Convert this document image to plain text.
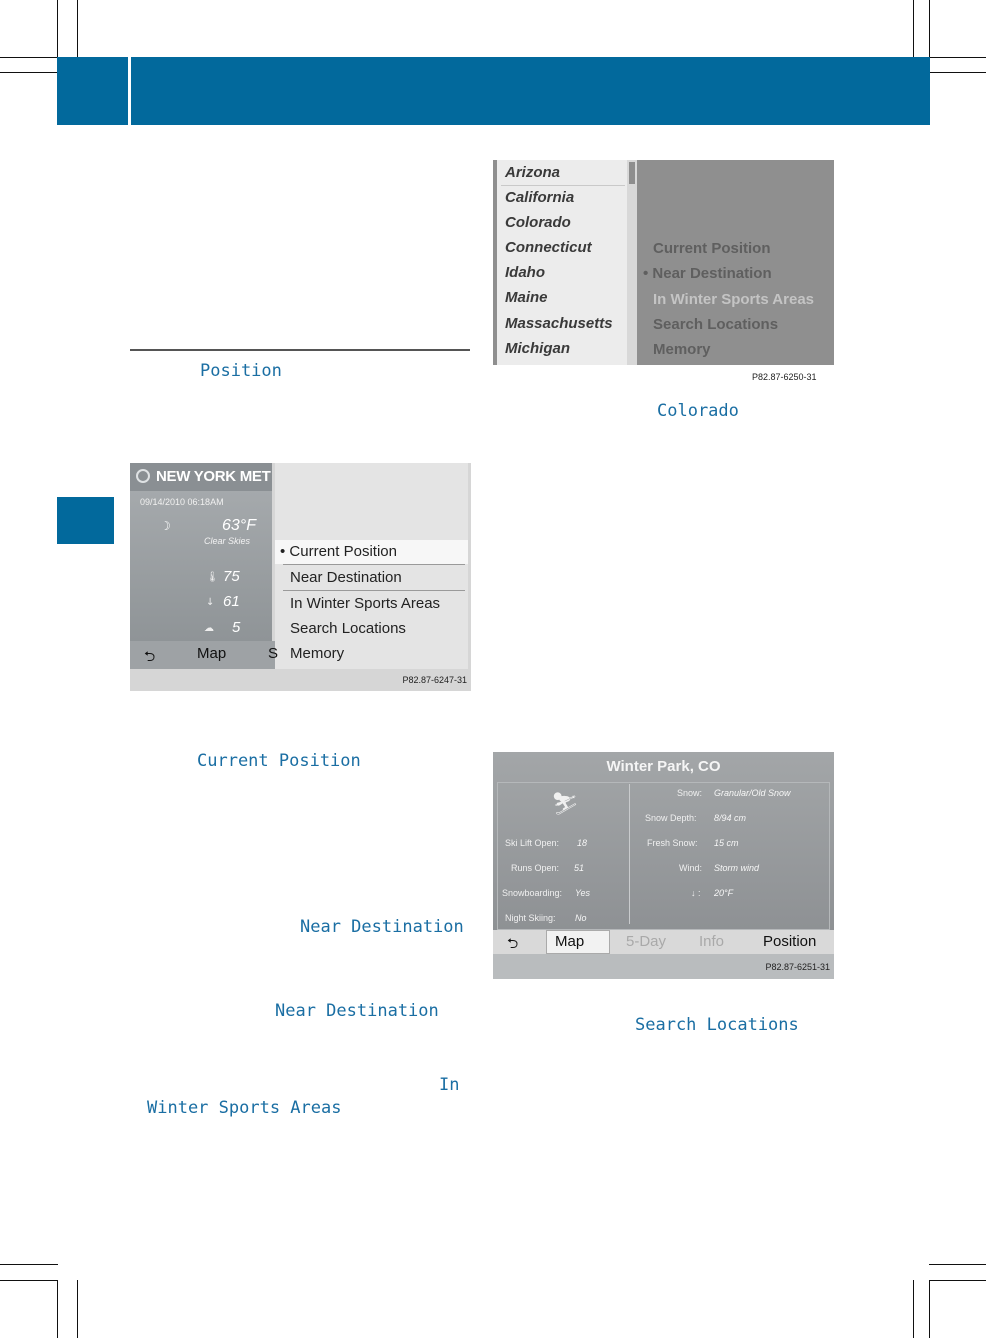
Position
Current Position
Near Destination
Near Destination
In
Winter Sports Areas
Colorado
Search Locations
NEW YORK MET
09/14/2010 06:18AM
☽	63°F
Clear Skies
🌡 75
↓ 61
☁ 5
• Current Position
Near Destination
In Winter Sports Areas
Search Locations
Memory
⮌	Map	S
P82.87-6247-31
Arizona
California
Colorado
Connecticut
Idaho
Maine
Massachusetts
Michigan
Current Position
• Near Destination
In Winter Sports Areas
Search Locations
Memory
P82.87-6250-31
Winter Park, CO
⛷
Ski Lift Open: 18
Runs Open: 51
Snowboarding: Yes
Night Skiing: No
Snow: Granular/Old Snow
Snow Depth: 8/94 cm
Fresh Snow: 15 cm
Wind: Storm wind
↓ : 20°F
⮌ Map	5-Day Info	Position
P82.87-6251-31
